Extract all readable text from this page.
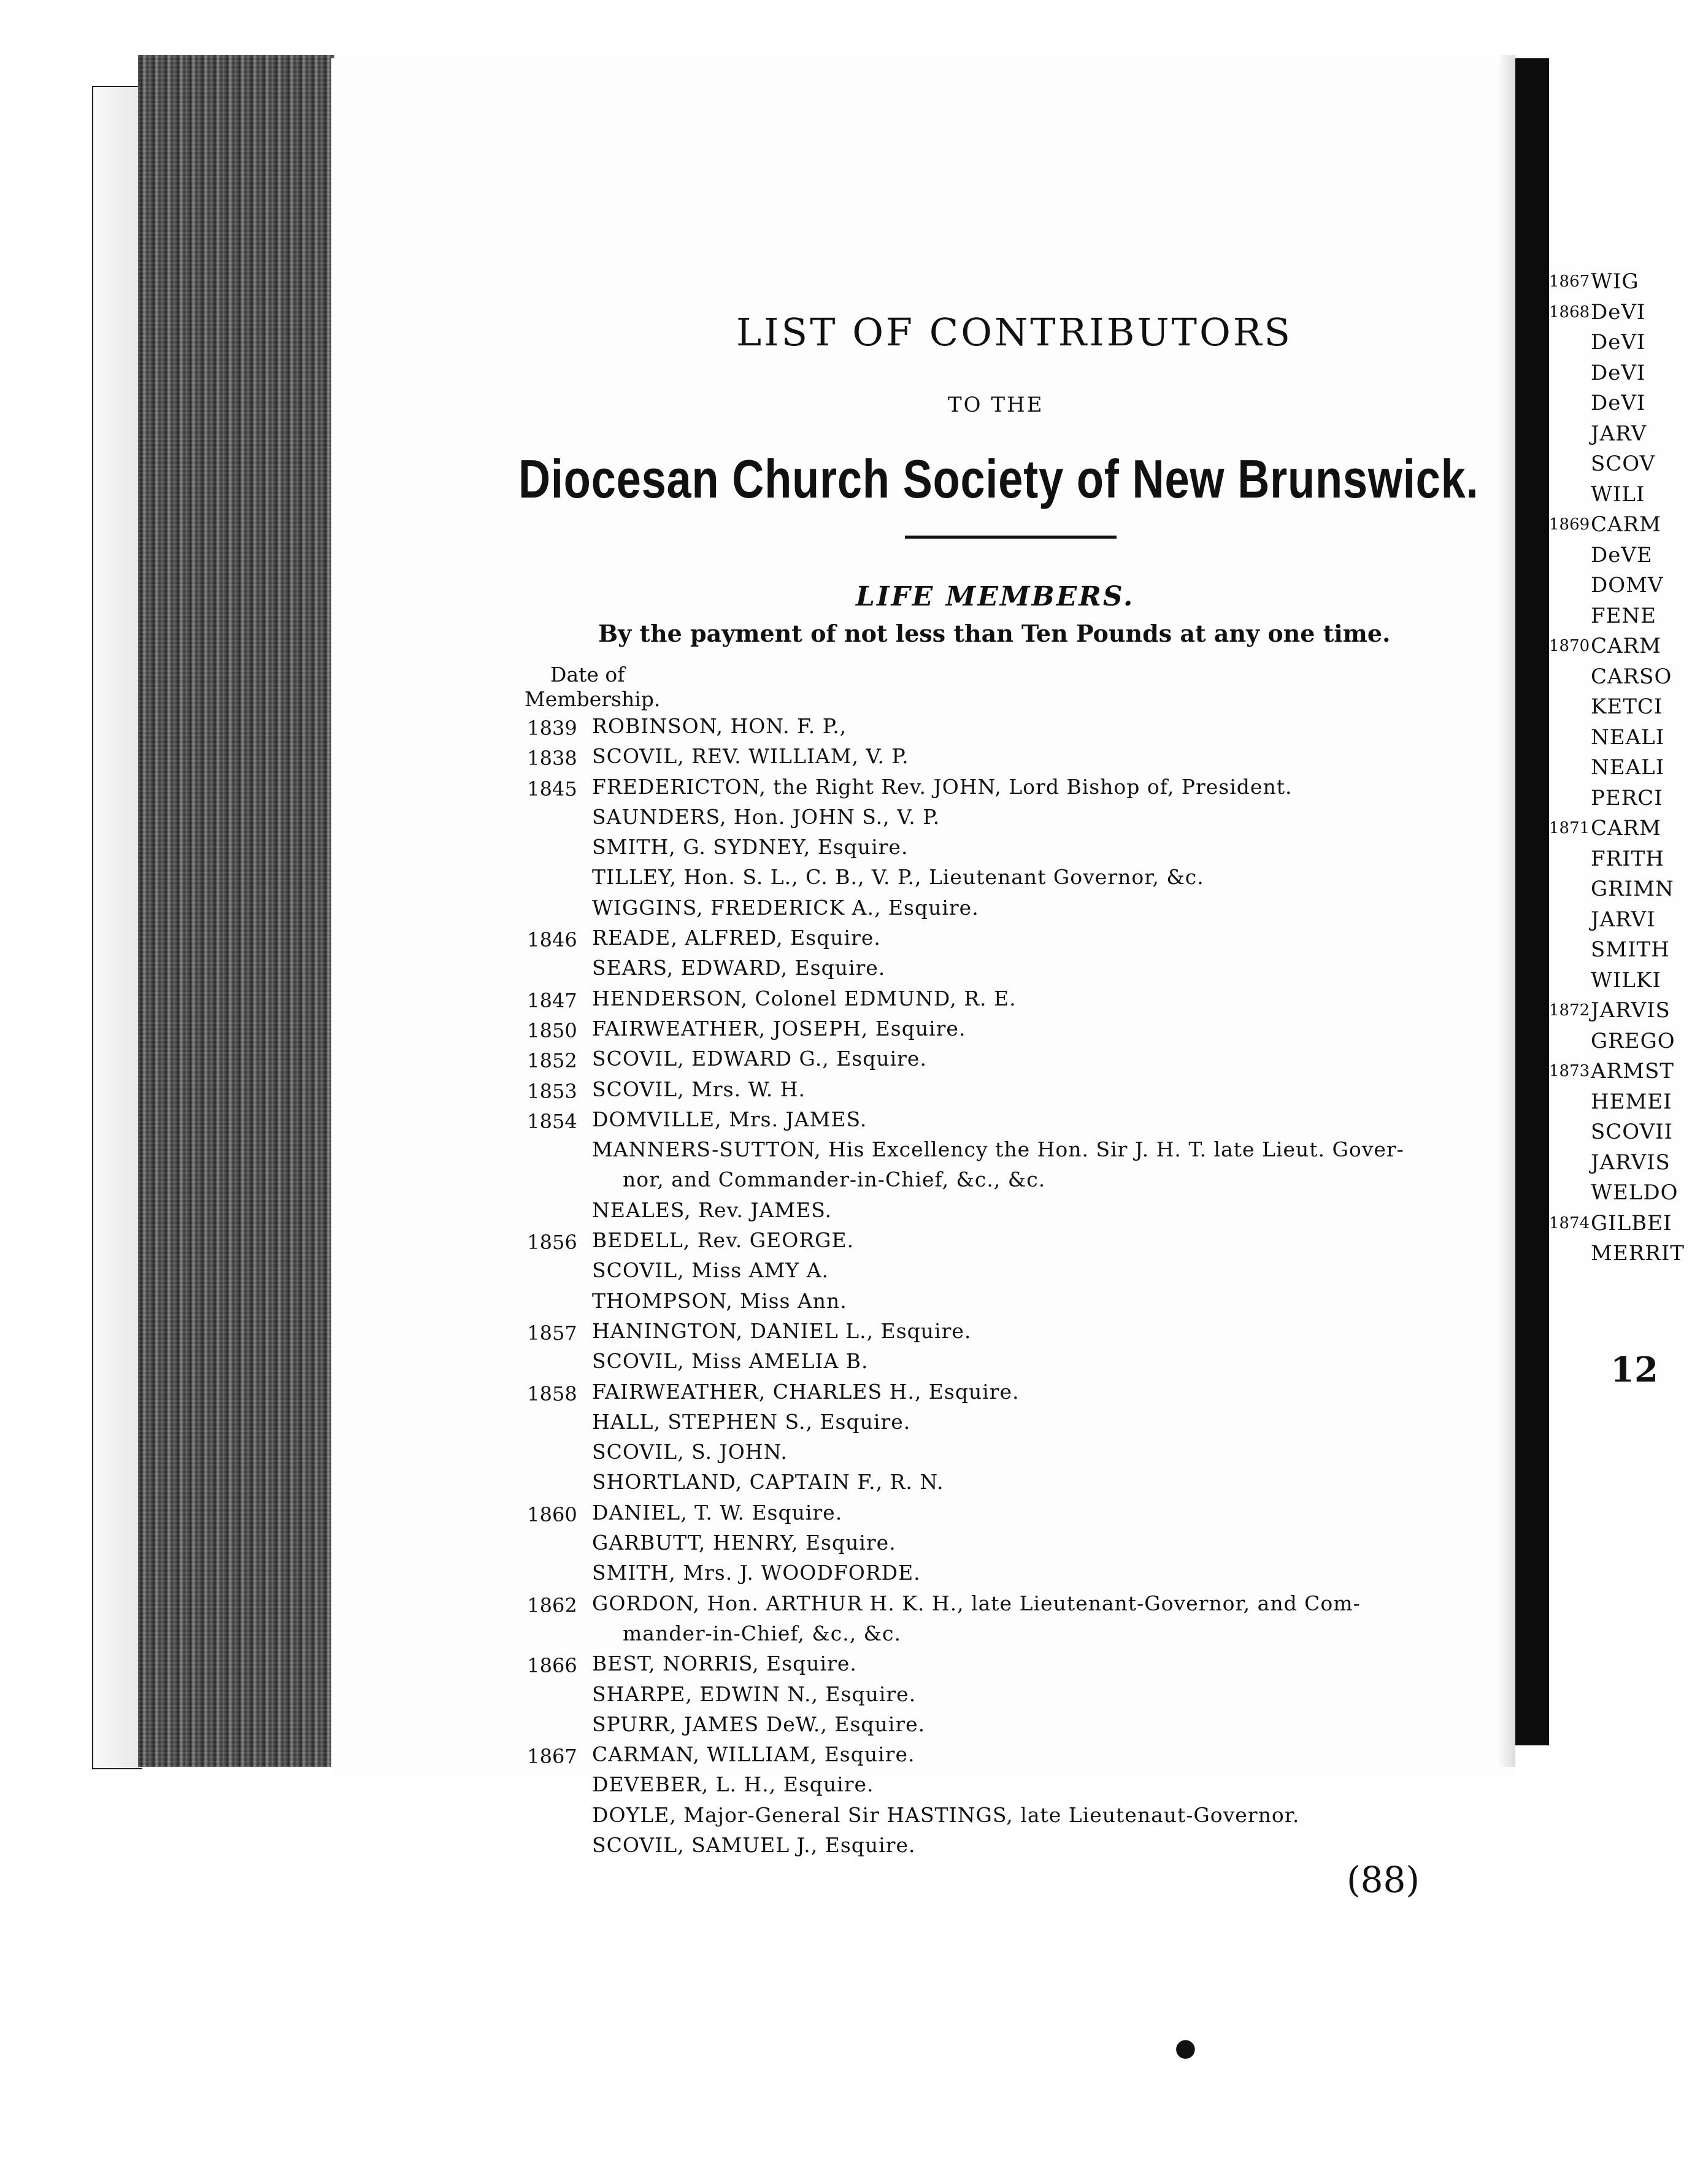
1867 WIG
1868 DeVI
DeVI
DeVI
DeVI
JARV
SCOV
WILI
1869 CARM
DeVE
DOMV
FENE
1870 CARM
CARSO
KETCI
NEALI
NEALI
PERCI
1871 CARM
FRITH
GRIMN
JARVI
SMITH
WILKI
1872 JARVIS
GREGO
1873 ARMST
HEMEI
SCOVII
JARVIS
WELDO
1874 GILBEI
MERRIT
12
LIST OF CONTRIBUTORS
TO THE
Diocesan Church Society of New Brunswick.
LIFE MEMBERS.
By the payment of not less than Ten Pounds at any one time.
Date of
Membership.
1839 ROBINSON, HON. F. P.,
1838 SCOVIL, REV. WILLIAM, V. P.
1845 FREDERICTON, the Right Rev. JOHN, Lord Bishop of, President.
SAUNDERS, Hon. JOHN S., V. P.
SMITH, G. SYDNEY, Esquire.
TILLEY, Hon. S. L., C. B., V. P., Lieutenant Governor, &c.
WIGGINS, FREDERICK A., Esquire.
1846 READE, ALFRED, Esquire.
SEARS, EDWARD, Esquire.
1847 HENDERSON, Colonel EDMUND, R. E.
1850 FAIRWEATHER, JOSEPH, Esquire.
1852 SCOVIL, EDWARD G., Esquire.
1853 SCOVIL, Mrs. W. H.
1854 DOMVILLE, Mrs. JAMES.
MANNERS-SUTTON, His Excellency the Hon. Sir J. H. T. late Lieut. Gover-
nor, and Commander-in-Chief, &c., &c.
NEALES, Rev. JAMES.
1856 BEDELL, Rev. GEORGE.
SCOVIL, Miss AMY A.
THOMPSON, Miss Ann.
1857 HANINGTON, DANIEL L., Esquire.
SCOVIL, Miss AMELIA B.
1858 FAIRWEATHER, CHARLES H., Esquire.
HALL, STEPHEN S., Esquire.
SCOVIL, S. JOHN.
SHORTLAND, CAPTAIN F., R. N.
1860 DANIEL, T. W. Esquire.
GARBUTT, HENRY, Esquire.
SMITH, Mrs. J. WOODFORDE.
1862 GORDON, Hon. ARTHUR H. K. H., late Lieutenant-Governor, and Com-
mander-in-Chief, &c., &c.
1866 BEST, NORRIS, Esquire.
SHARPE, EDWIN N., Esquire.
SPURR, JAMES DeW., Esquire.
1867 CARMAN, WILLIAM, Esquire.
DEVEBER, L. H., Esquire.
DOYLE, Major-General Sir HASTINGS, late Lieutenaut-Governor.
SCOVIL, SAMUEL J., Esquire.
(88)
●
